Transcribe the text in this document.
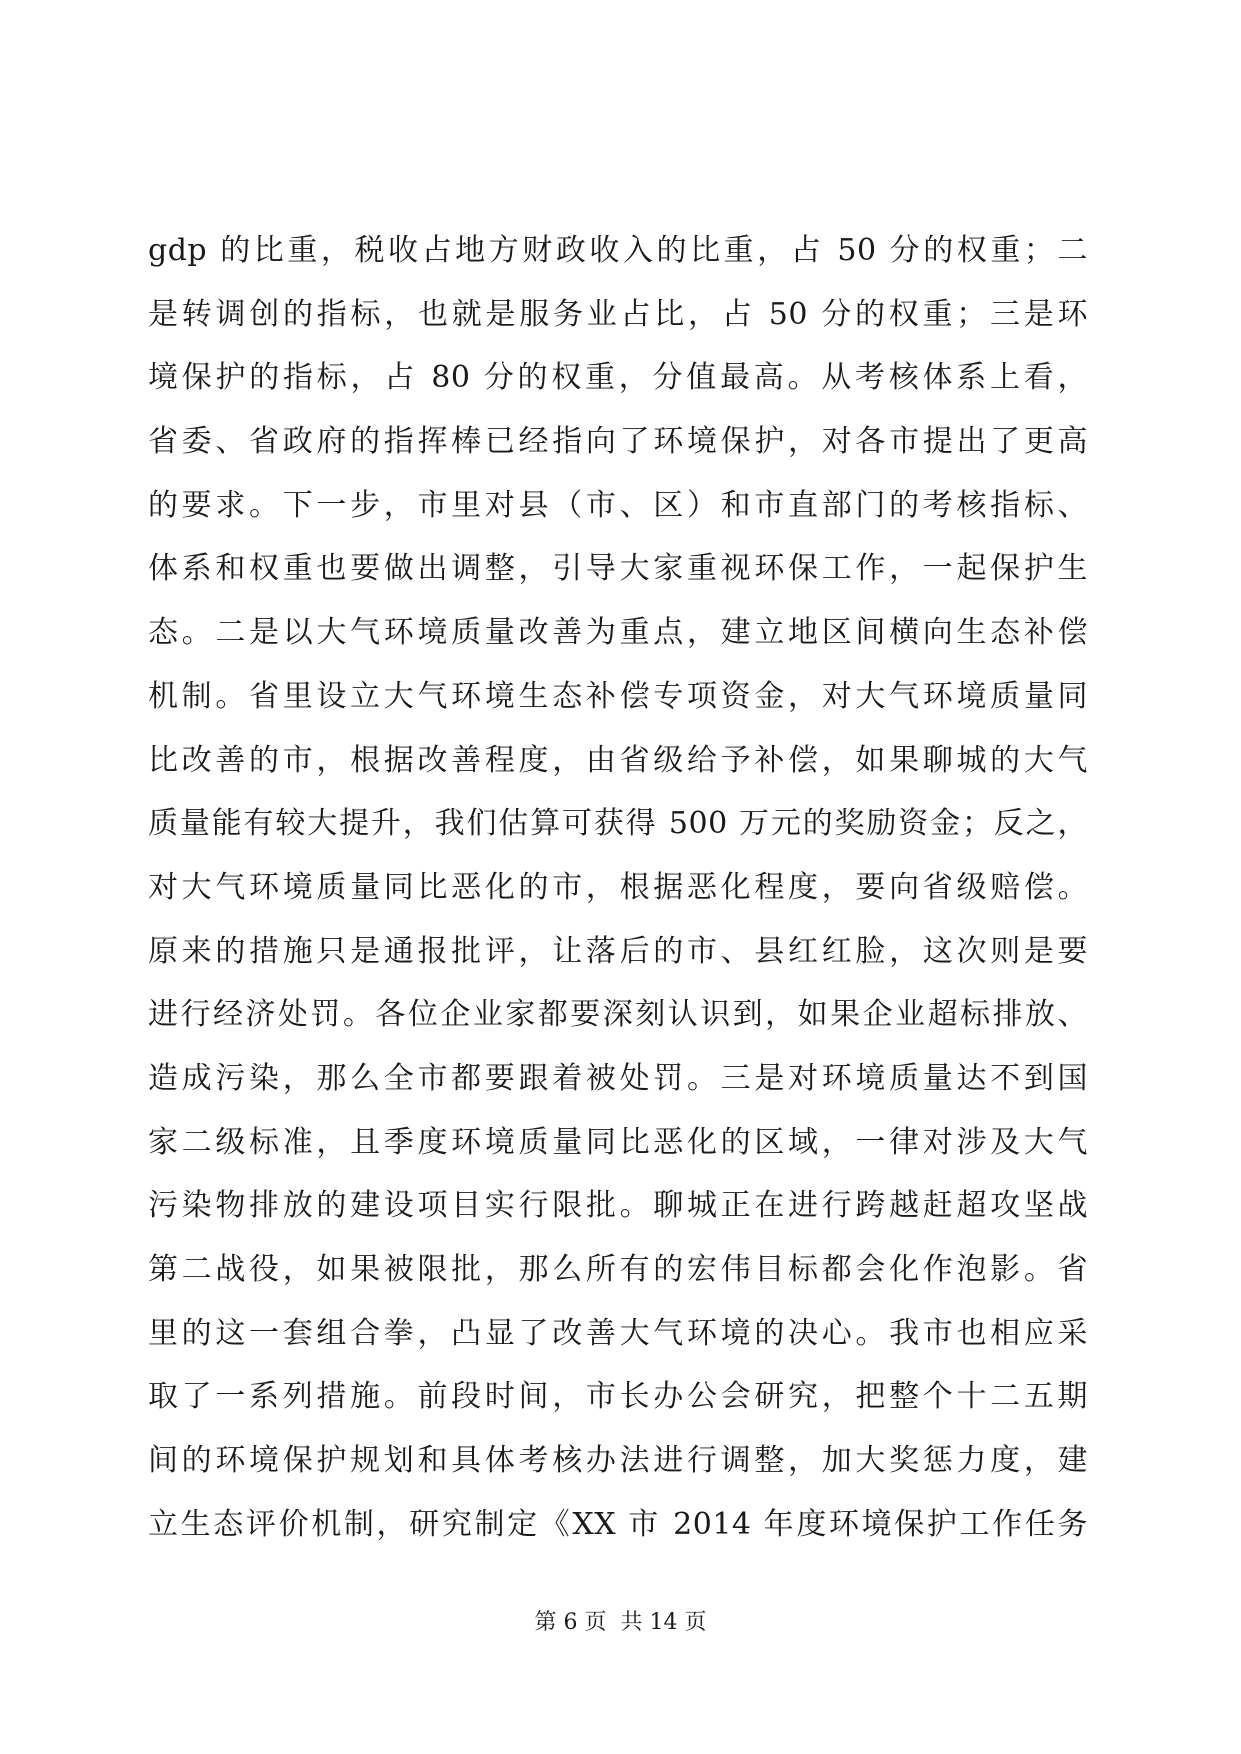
gdp 的比重，税收占地方财政收入的比重，占 50 分的权重；二
是转调创的指标，也就是服务业占比，占 50 分的权重；三是环
境保护的指标，占 80 分的权重，分值最高。从考核体系上看，
省委、省政府的指挥棒已经指向了环境保护，对各市提出了更高
的要求。下一步，市里对县（市、区）和市直部门的考核指标、
体系和权重也要做出调整，引导大家重视环保工作，一起保护生
态。二是以大气环境质量改善为重点，建立地区间横向生态补偿
机制。省里设立大气环境生态补偿专项资金，对大气环境质量同
比改善的市，根据改善程度，由省级给予补偿，如果聊城的大气
质量能有较大提升，我们估算可获得 500 万元的奖励资金；反之，
对大气环境质量同比恶化的市，根据恶化程度，要向省级赔偿。
原来的措施只是通报批评，让落后的市、县红红脸，这次则是要
进行经济处罚。各位企业家都要深刻认识到，如果企业超标排放、
造成污染，那么全市都要跟着被处罚。三是对环境质量达不到国
家二级标准，且季度环境质量同比恶化的区域，一律对涉及大气
污染物排放的建设项目实行限批。聊城正在进行跨越赶超攻坚战
第二战役，如果被限批，那么所有的宏伟目标都会化作泡影。省
里的这一套组合拳，凸显了改善大气环境的决心。我市也相应采
取了一系列措施。前段时间，市长办公会研究，把整个十二五期
间的环境保护规划和具体考核办法进行调整，加大奖惩力度，建
立生态评价机制，研究制定《XX 市 2014 年度环境保护工作任务
第 6 页 共 14 页
